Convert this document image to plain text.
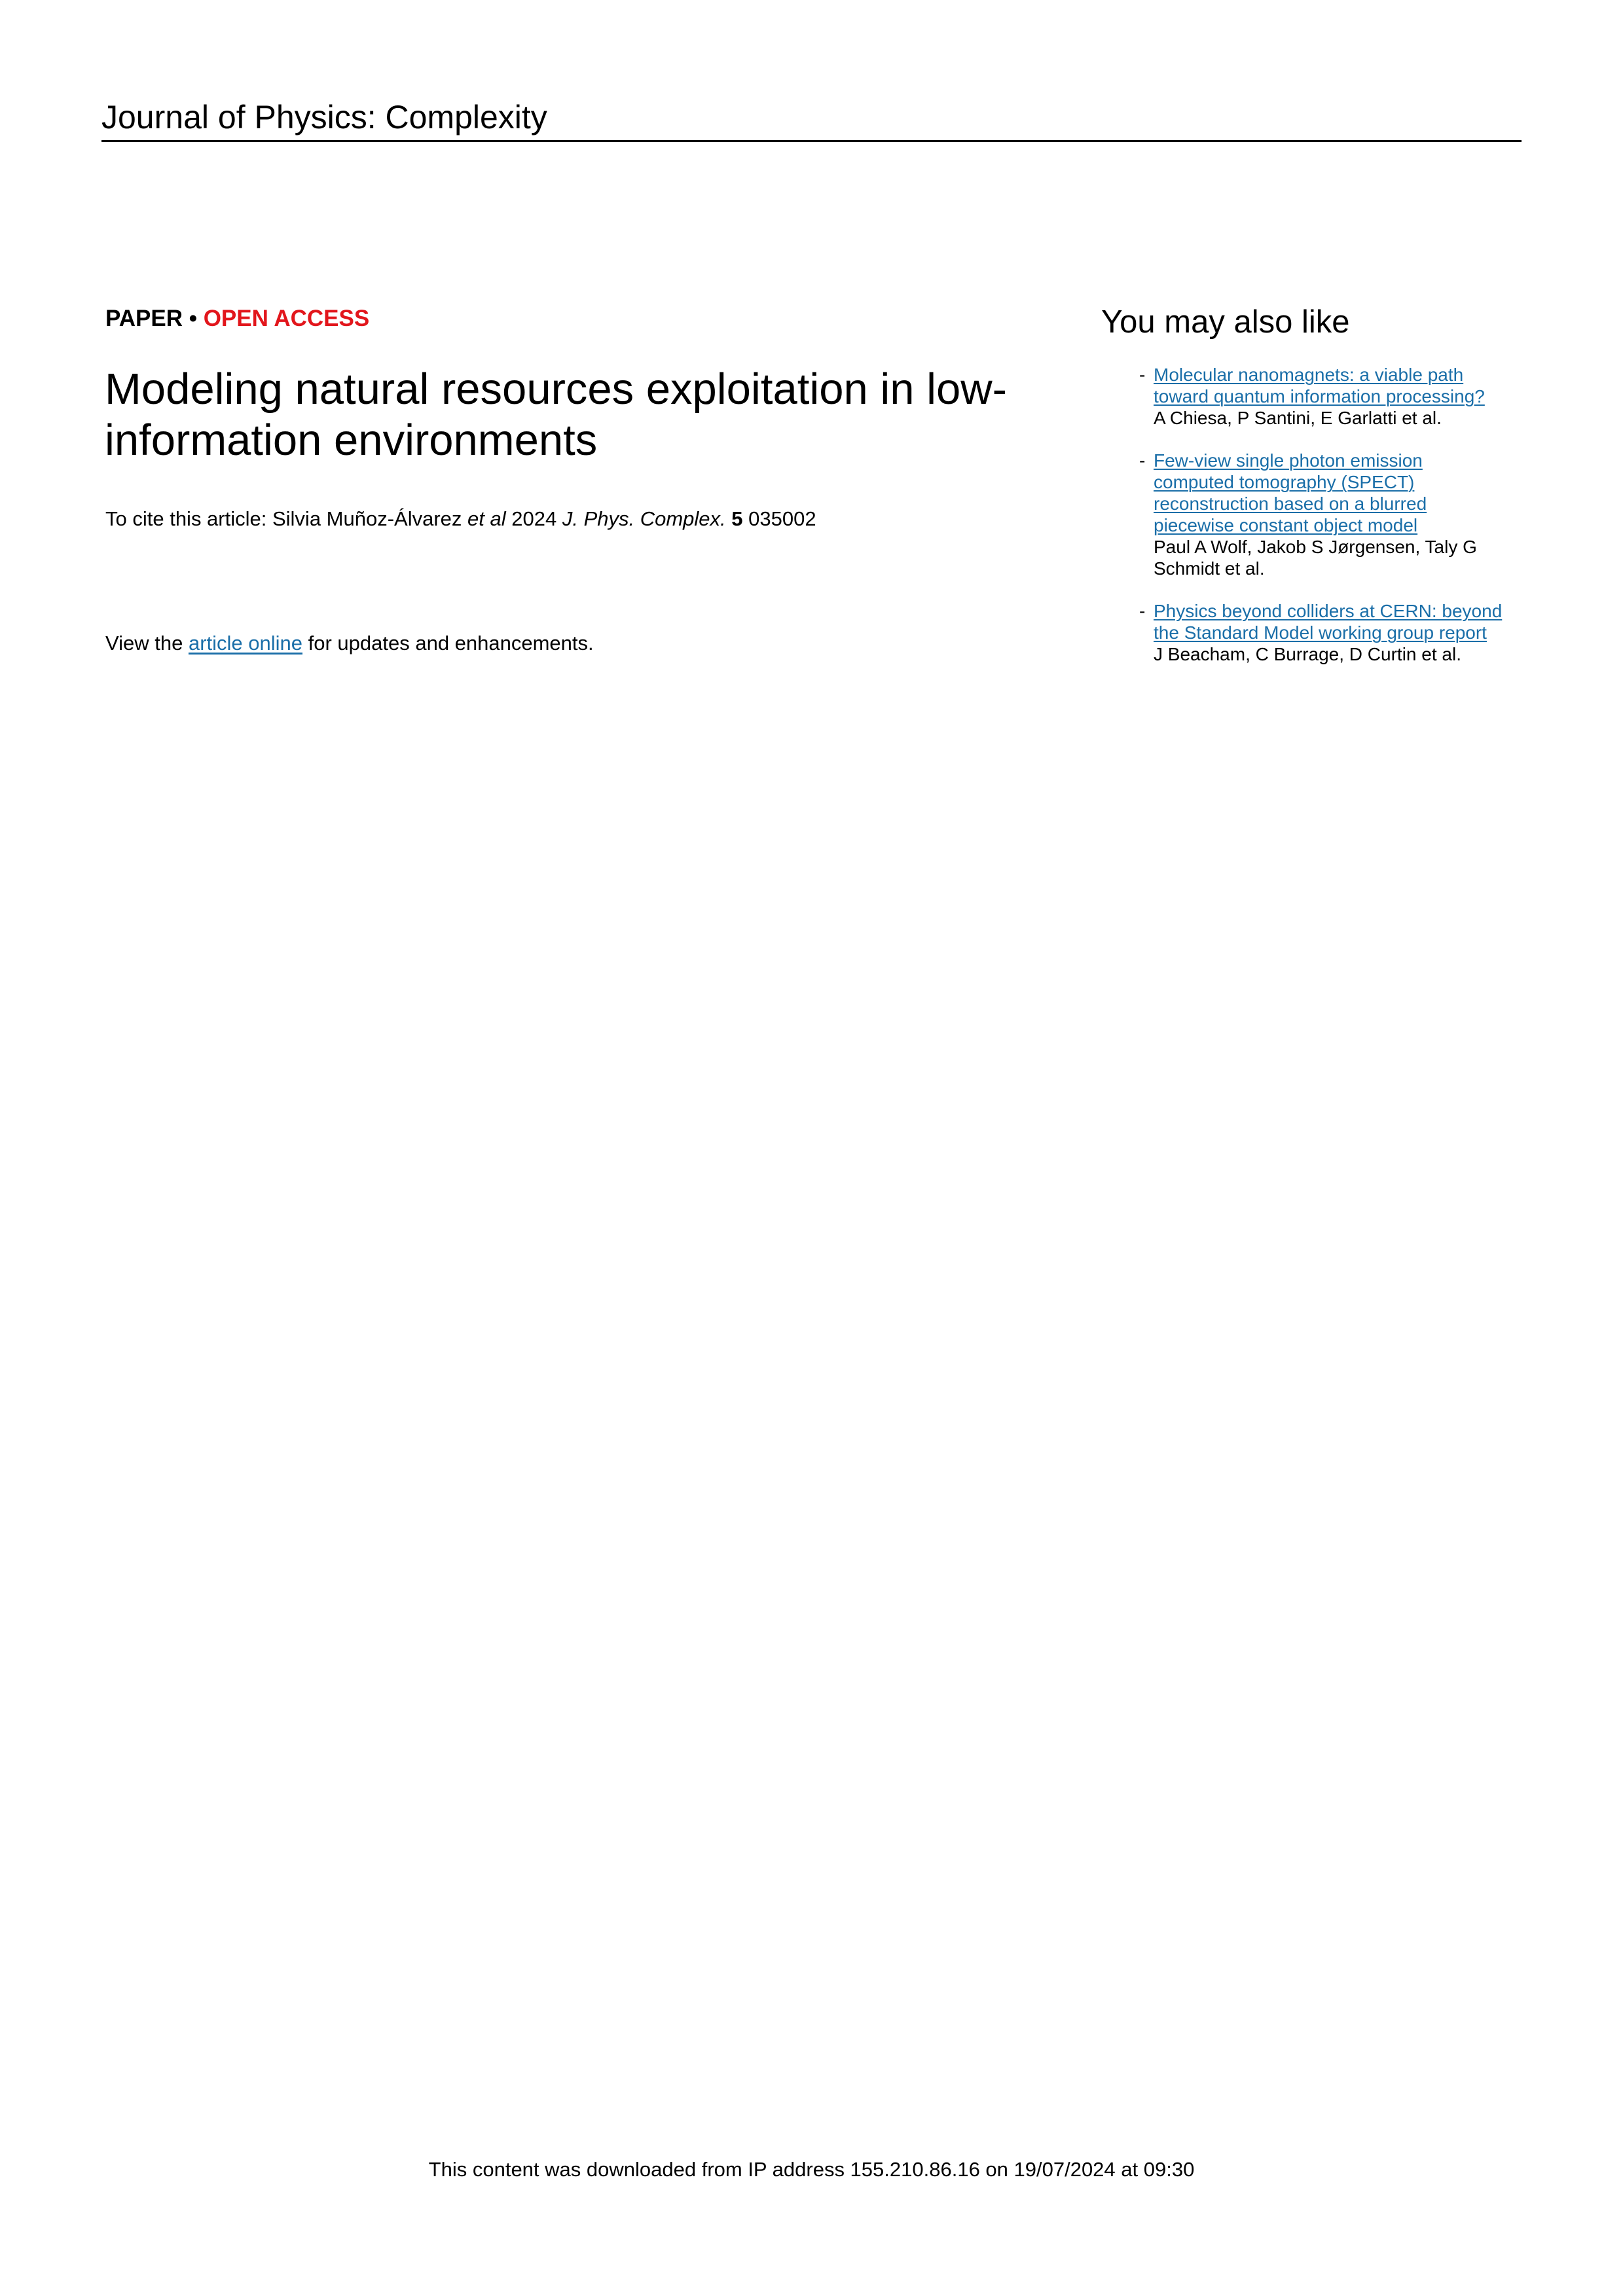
Journal of Physics: Complexity
PAPER • OPEN ACCESS
Modeling natural resources exploitation in low-
information environments
To cite this article: Silvia Muñoz-Álvarez et al 2024 J. Phys. Complex. 5 035002
View the article online for updates and enhancements.
You may also like
- Molecular nanomagnets: a viable path
toward quantum information processing?
A Chiesa, P Santini, E Garlatti et al.
- Few-view single photon emission
computed tomography (SPECT)
reconstruction based on a blurred
piecewise constant object model
Paul A Wolf, Jakob S Jørgensen, Taly G
Schmidt et al.
- Physics beyond colliders at CERN: beyond
the Standard Model working group report
J Beacham, C Burrage, D Curtin et al.
This content was downloaded from IP address 155.210.86.16 on 19/07/2024 at 09:30
